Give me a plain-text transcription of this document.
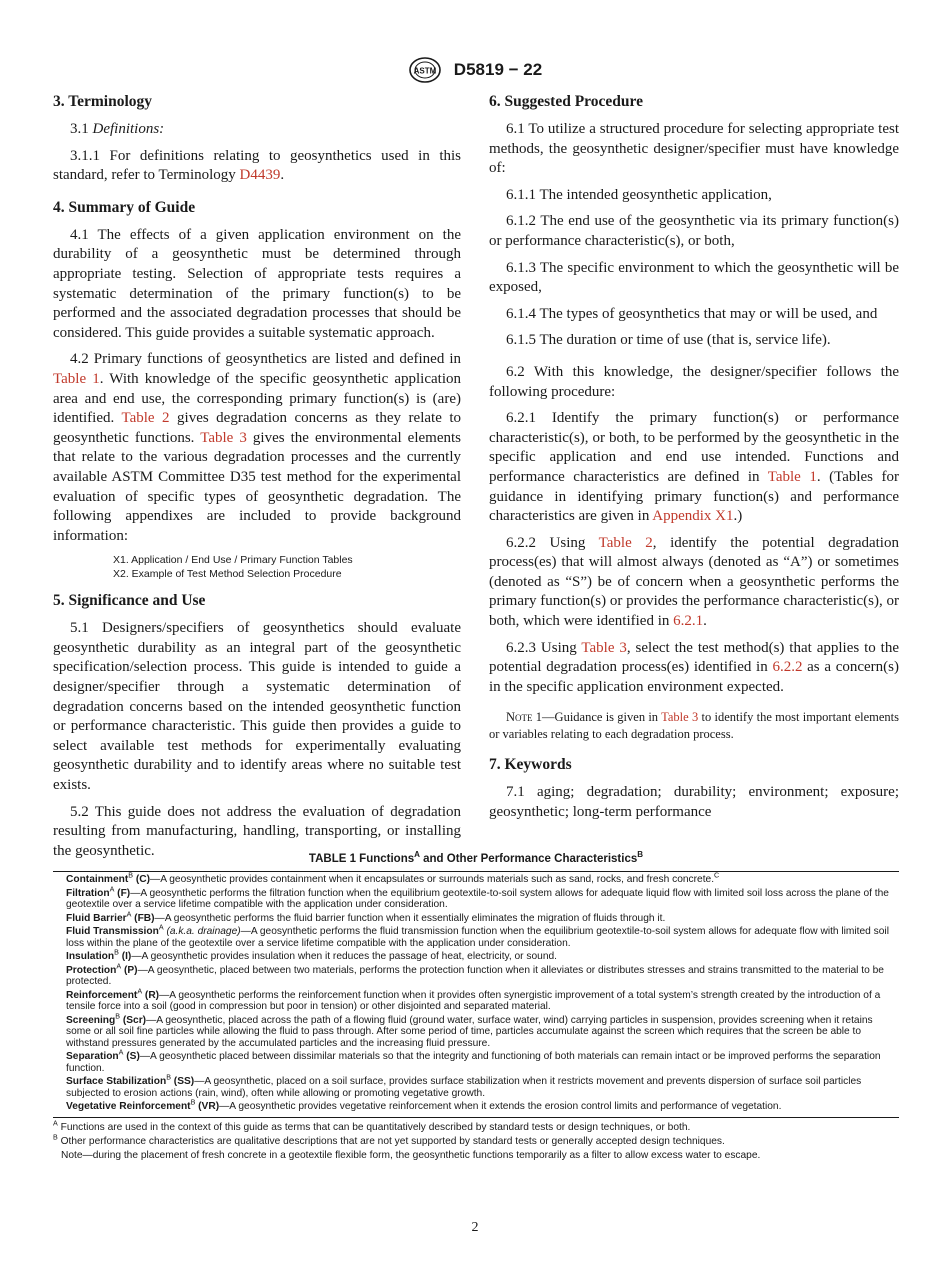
ASTM D5819 − 22
3. Terminology

3.1 Definitions:

3.1.1 For definitions relating to geosynthetics used in this standard, refer to Terminology D4439.

4. Summary of Guide

4.1 The effects of a given application environment on the durability of a geosynthetic must be determined through appropriate testing. Selection of appropriate tests requires a systematic determination of the primary function(s) to be performed and the associated degradation processes that should be considered. This guide provides a suitable systematic approach.

4.2 Primary functions of geosynthetics are listed and defined in Table 1. With knowledge of the specific geosynthetic application area and end use, the corresponding primary function(s) is (are) identified. Table 2 gives degradation concerns as they relate to geosynthetic functions. Table 3 gives the environmental elements that relate to the various degradation processes and the currently available ASTM Committee D35 test method for the experimental evaluation of specific types of geosynthetic degradation. The following appendixes are included to provide background information:

X1. Application / End Use / Primary Function Tables
X2. Example of Test Method Selection Procedure
5. Significance and Use

5.1 Designers/specifiers of geosynthetics should evaluate geosynthetic durability as an integral part of the geosynthetic specification/selection process. This guide is intended to guide a designer/specifier through a systematic determination of degradation concerns based on the intended geosynthetic function or performance characteristic. This guide then provides a guide to select available test methods for experimentally evaluating geosynthetic durability and to identify areas where no suitable test exists.

5.2 This guide does not address the evaluation of degradation resulting from manufacturing, handling, transporting, or installing the geosynthetic.

6. Suggested Procedure

6.1 To utilize a structured procedure for selecting appropriate test methods, the geosynthetic designer/specifier must have knowledge of:

6.1.1 The intended geosynthetic application,

6.1.2 The end use of the geosynthetic via its primary function(s) or performance characteristic(s), or both,

6.1.3 The specific environment to which the geosynthetic will be exposed,

6.1.4 The types of geosynthetics that may or will be used, and

6.1.5 The duration or time of use (that is, service life).

6.2 With this knowledge, the designer/specifier follows the following procedure:

6.2.1 Identify the primary function(s) or performance characteristic(s), or both, to be performed by the geosynthetic in the specific application and end use intended. Functions and performance characteristics are defined in Table 1. (Tables for guidance in identifying primary function(s) and performance characteristics are given in Appendix X1.)

6.2.2 Using Table 2, identify the potential degradation process(es) that will almost always (denoted as “A”) or sometimes (denoted as “S”) be of concern when a geosynthetic performs the primary function(s) or provides the performance characteristic(s), or both, which were identified in 6.2.1.

6.2.3 Using Table 3, select the test method(s) that applies to the potential degradation process(es) identified in 6.2.2 as a concern(s) in the specific application environment expected.

Note 1—Guidance is given in Table 3 to identify the most important elements or variables relating to each degradation process.

7. Keywords

7.1 aging; degradation; durability; environment; exposure; geosynthetic; long-term performance

TABLE 1 Functions$^A$ and Other Performance Characteristics$^B$
Containment$^B$ (C)—A geosynthetic provides containment when it encapsulates or surrounds materials such as sand, rocks, and fresh concrete.$^C$
Filtration$^A$ (F)—A geosynthetic performs the filtration function when the equilibrium geotextile-to-soil system allows for adequate liquid flow with limited soil loss across the plane of the geotextile over a service lifetime compatible with the application under consideration.
Fluid Barrier$^A$ (FB)—A geosynthetic performs the fluid barrier function when it essentially eliminates the migration of fluids through it.
Fluid Transmission$^A$ (a.k.a. drainage)—A geosynthetic performs the fluid transmission function when the equilibrium geotextile-to-soil system allows for adequate flow with limited soil loss within the plane of the geotextile over a service lifetime compatible with the application under consideration.
Insulation$^B$ (I)—A geosynthetic provides insulation when it reduces the passage of heat, electricity, or sound.
Protection$^A$ (P)—A geosynthetic, placed between two materials, performs the protection function when it alleviates or distributes stresses and strains transmitted to the material to be protected.
Reinforcement$^A$ (R)—A geosynthetic performs the reinforcement function when it provides often synergistic improvement of a total system’s strength created by the introduction of a tensile force into a soil (good in compression but poor in tension) or other disjointed and separated material.
Screening$^B$ (Scr)—A geosynthetic, placed across the path of a flowing fluid (ground water, surface water, wind) carrying particles in suspension, provides screening when it retains some or all soil fine particles while allowing the fluid to pass through. After some period of time, particles accumulate against the screen which requires that the screen be able to withstand pressures generated by the accumulated particles and the increasing fluid pressure.
Separation$^A$ (S)—A geosynthetic placed between dissimilar materials so that the integrity and functioning of both materials can remain intact or be improved performs the separation function.
Surface Stabilization$^B$ (SS)—A geosynthetic, placed on a soil surface, provides surface stabilization when it restricts movement and prevents dispersion of surface soil particles subjected to erosion actions (rain, wind), often while allowing or promoting vegetative growth.
Vegetative Reinforcement$^B$ (VR)—A geosynthetic provides vegetative reinforcement when it extends the erosion control limits and performance of vegetation.
$^A$ Functions are used in the context of this guide as terms that can be quantitatively described by standard tests or design techniques, or both.
$^B$ Other performance characteristics are qualitative descriptions that are not yet supported by standard tests or generally accepted design techniques.
Note—during the placement of fresh concrete in a geotextile flexible form, the geosynthetic functions temporarily as a filter to allow excess water to escape.
2
